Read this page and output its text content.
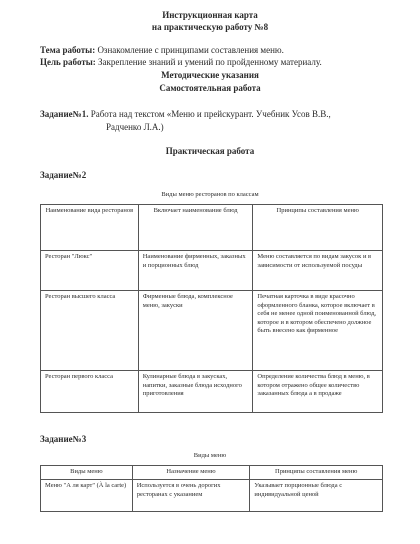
Инструкционная карта
на практическую работу №8
Тема работы: Ознакомление с принципами составления меню.
Цель работы: Закрепление знаний и умений по пройденному материалу.
Методические указания
Самостоятельная работа
Задание№1. Работа над текстом «Меню и прейскурант. Учебник Усов В.В.,
Радченко Л.А.)
Практическая работа
Задание№2
Виды меню ресторанов по классам
Наименование вида ресторанов	Включает наименование блюд	Принципы составления меню
Ресторан "Люкс"	Наименование фирменных, заказных и порционных блюд	Меню составляется по видам закусок и в зависимости от используемой посуды
Ресторан высшего класса	Фирменные блюда, комплексное меню, закуски	Печатная карточка в виде красочно оформленного бланка, которое включает в себя не менее одной поименованной блюд, которое и в котором обеспечено должное быть внесено как фирменное
Ресторан первого класса	Кулинарные блюда в закусках, напитки, заказные блюда исходного приготовления	Определение количества блюд в меню, в котором отражено общее количество заказанных блюда а в продаже
Задание№3
Виды меню
Виды меню	Назначение меню	Принципы составления меню
Меню "А ля карт" (À la carte)	Используется в очень дорогих ресторанах с указанием	Указывает порционные блюда с индивидуальной ценой
